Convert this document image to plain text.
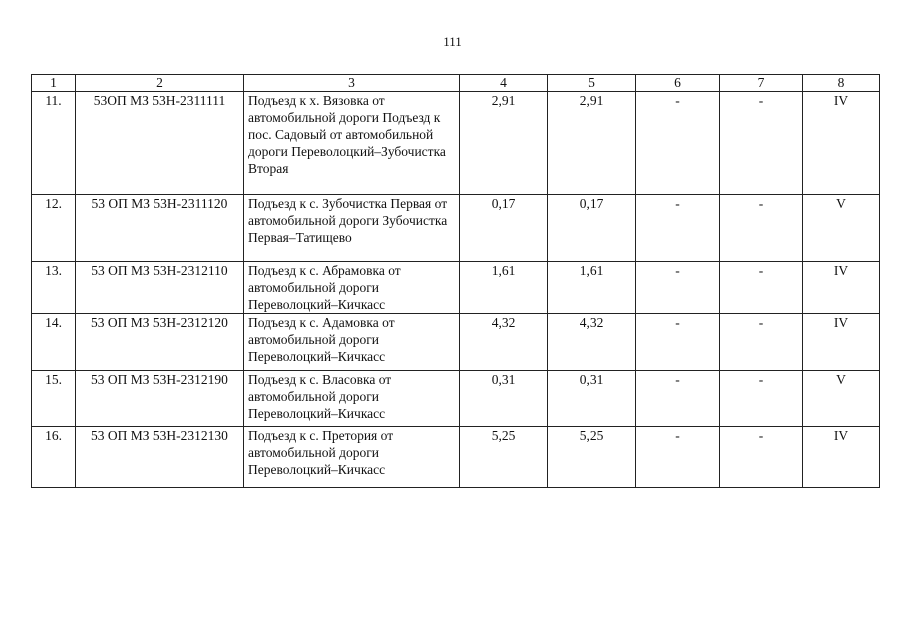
111
1	2	3	4	5	6	7	8
11.	53ОП МЗ 53Н-2311111	Подъезд к х. Вязовка от автомобильной дороги Подъезд к пос. Садовый от автомобильной дороги Переволоцкий–Зубочистка Вторая	2,91	2,91	-	-	IV
12.	53 ОП МЗ 53Н-2311120	Подъезд к с. Зубочистка Первая от автомобильной дороги Зубочистка Первая–Татищево	0,17	0,17	-	-	V
13.	53 ОП МЗ 53Н-2312110	Подъезд к с. Абрамовка от автомобильной дороги Переволоцкий–Кичкасс	1,61	1,61	-	-	IV
14.	53 ОП МЗ 53Н-2312120	Подъезд к с. Адамовка от автомобильной дороги Переволоцкий–Кичкасс	4,32	4,32	-	-	IV
15.	53 ОП МЗ 53Н-2312190	Подъезд к с. Власовка от автомобильной дороги Переволоцкий–Кичкасс	0,31	0,31	-	-	V
16.	53 ОП МЗ 53Н-2312130	Подъезд к с. Претория от автомобильной дороги Переволоцкий–Кичкасс	5,25	5,25	-	-	IV
